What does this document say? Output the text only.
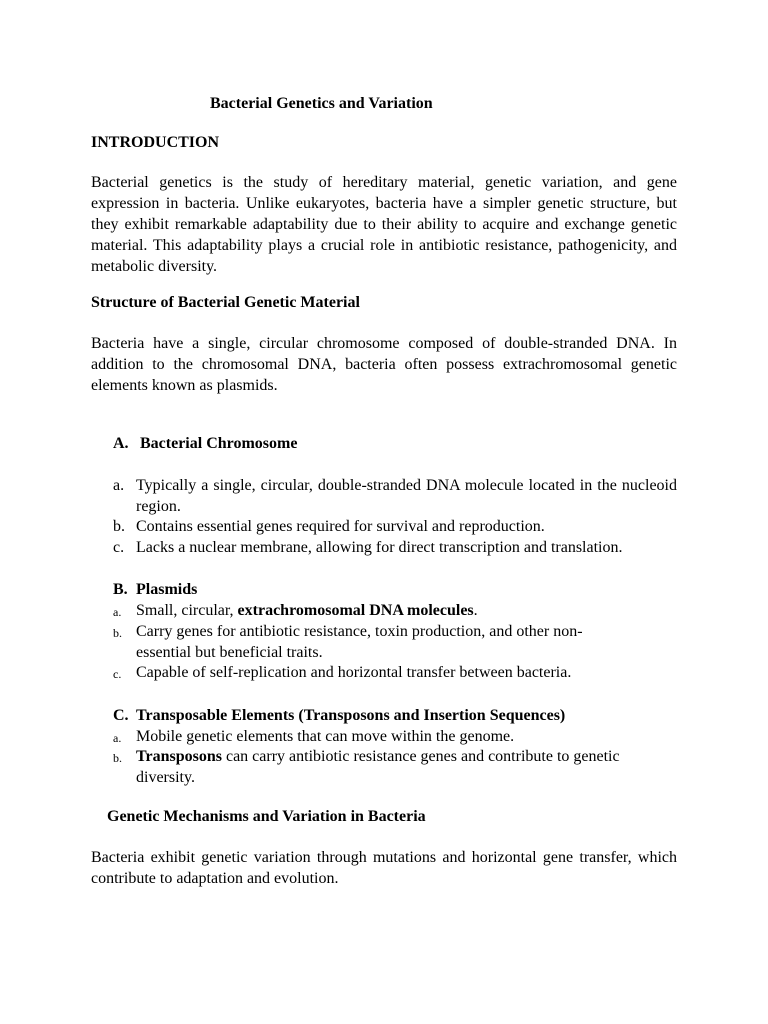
Bacterial Genetics and Variation

INTRODUCTION

Bacterial genetics is the study of hereditary material, genetic variation, and gene expression in bacteria. Unlike eukaryotes, bacteria have a simpler genetic structure, but they exhibit remarkable adaptability due to their ability to acquire and exchange genetic material. This adaptability plays a crucial role in antibiotic resistance, pathogenicity, and metabolic diversity.

Structure of Bacterial Genetic Material

Bacteria have a single, circular chromosome composed of double-stranded DNA. In addition to the chromosomal DNA, bacteria often possess extrachromosomal genetic elements known as plasmids.

A. Bacterial Chromosome
a. Typically a single, circular, double-stranded DNA molecule located in the nucleoid region.
b. Contains essential genes required for survival and reproduction.
c. Lacks a nuclear membrane, allowing for direct transcription and translation.
B. Plasmids
a. Small, circular, extrachromosomal DNA molecules.
b. Carry genes for antibiotic resistance, toxin production, and other non-essential but beneficial traits.
c. Capable of self-replication and horizontal transfer between bacteria.
C. Transposable Elements (Transposons and Insertion Sequences)
a. Mobile genetic elements that can move within the genome.
b. Transposons can carry antibiotic resistance genes and contribute to genetic diversity.

Genetic Mechanisms and Variation in Bacteria

Bacteria exhibit genetic variation through mutations and horizontal gene transfer, which contribute to adaptation and evolution.
